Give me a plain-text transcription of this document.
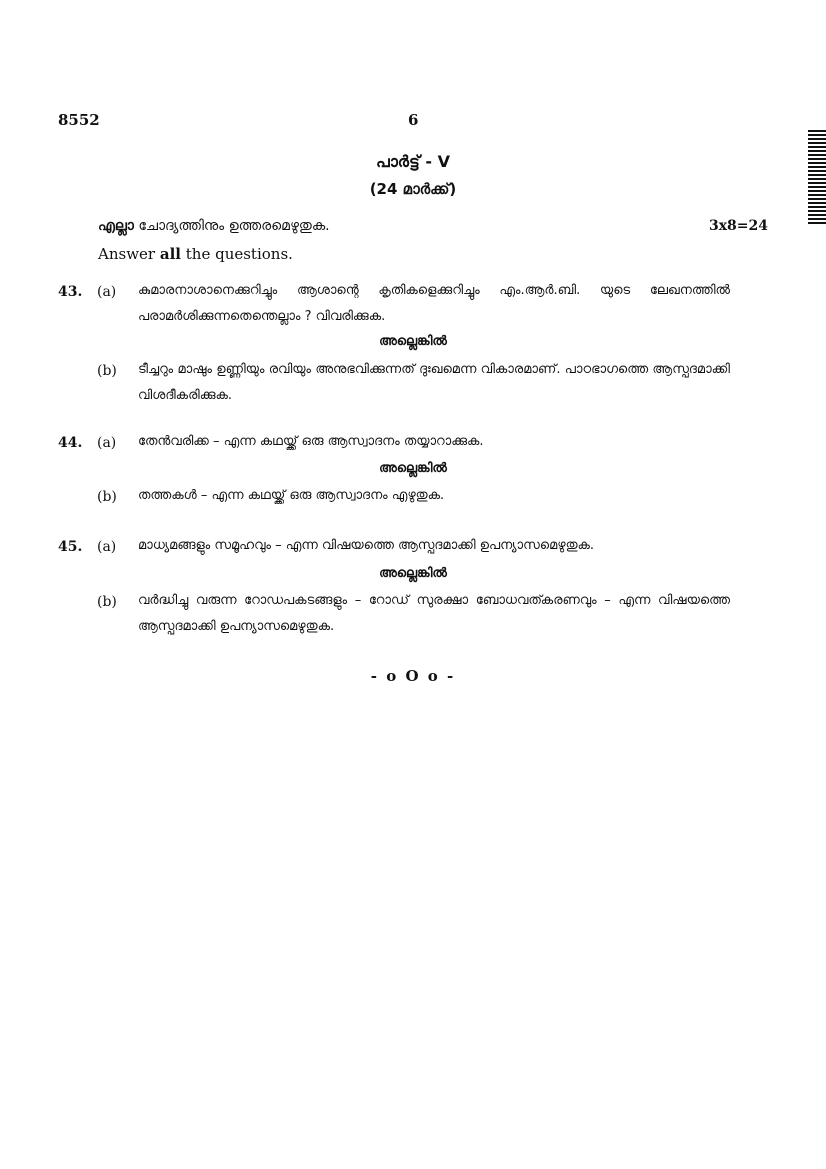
8552	6
പാർട്ട് - V
(24 മാർക്ക്)
എല്ലാ ചോദ്യത്തിനും ഉത്തരമെഴുതുക.
Answer all the questions.
3x8=24
43. (a) കുമാരനാശാനെക്കുറിച്ചും ആശാന്റെ കൃതികളെക്കുറിച്ചും എം.ആർ.ബി. യുടെ ലേഖനത്തിൽ പരാമർശിക്കുന്നതെന്തെല്ലാം ? വിവരിക്കുക.
അല്ലെങ്കിൽ
(b) ടീച്ചറും മാഷും ഉണ്ണിയും രവിയും അനുഭവിക്കുന്നത് ദുഃഖമെന്ന വികാരമാണ്. പാഠഭാഗത്തെ ആസ്പദമാക്കി വിശദീകരിക്കുക.
44. (a) തേൻവരിക്ക – എന്ന കഥയ്ക്ക് ഒരു ആസ്വാദനം തയ്യാറാക്കുക.
അല്ലെങ്കിൽ
(b) തത്തകൾ – എന്ന കഥയ്ക്ക് ഒരു ആസ്വാദനം എഴുതുക.
45. (a) മാധ്യമങ്ങളും സമൂഹവും – എന്ന വിഷയത്തെ ആസ്പദമാക്കി ഉപന്യാസമെഴുതുക.
അല്ലെങ്കിൽ
(b) വർദ്ധിച്ചു വരുന്ന റോഡപകടങ്ങളും – റോഡ് സുരക്ഷാ ബോധവത്കരണവും – എന്ന വിഷയത്തെ ആസ്പദമാക്കി ഉപന്യാസമെഴുതുക.
- o O o -
